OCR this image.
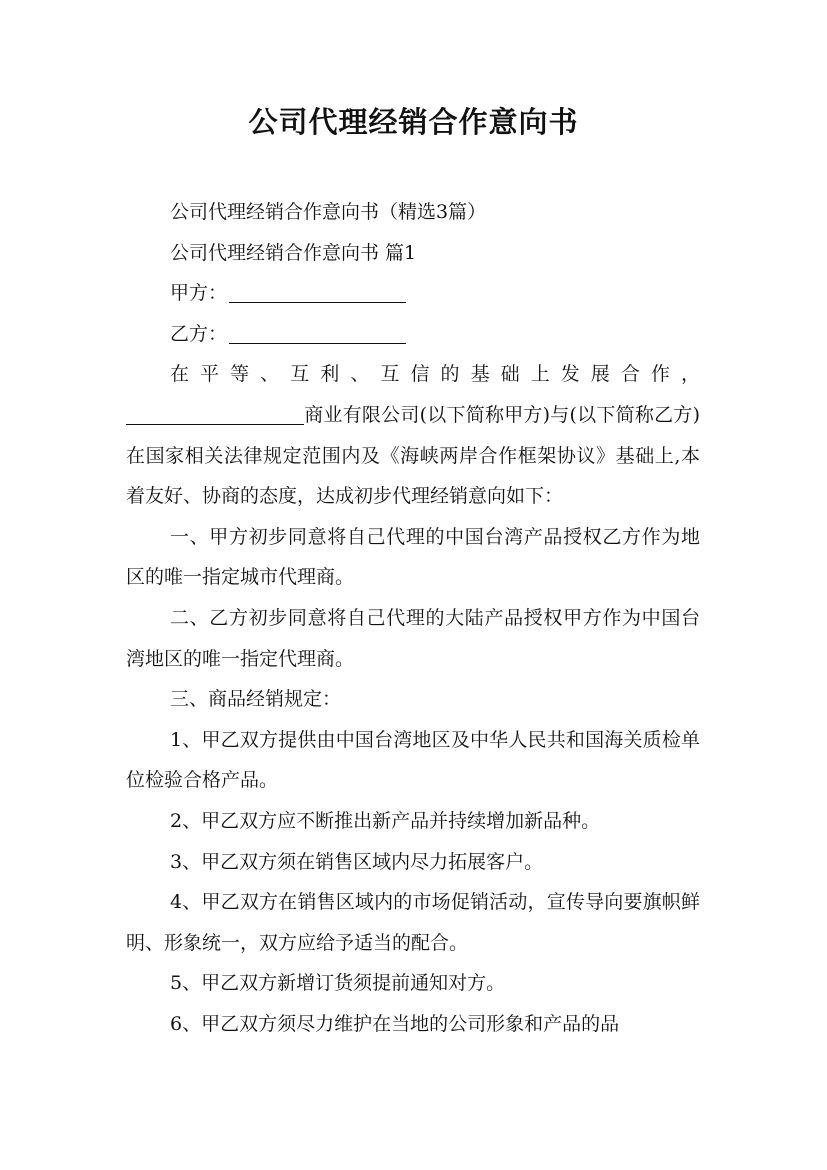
公司代理经销合作意向书

公司代理经销合作意向书（精选3篇）

公司代理经销合作意向书 篇1

甲方：

乙方：

在 平 等 、 互 利 、 互 信 的 基 础 上 发 展 合 作 ，

商业有限公司(以下简称甲方)与(以下简称乙方)在国家相关法律规定范围内及《海峡两岸合作框架协议》基础上,本着友好、协商的态度，达成初步代理经销意向如下：

一、甲方初步同意将自己代理的中国台湾产品授权乙方作为地区的唯一指定城市代理商。

二、乙方初步同意将自己代理的大陆产品授权甲方作为中国台湾地区的唯一指定代理商。

三、商品经销规定：

1、甲乙双方提供由中国台湾地区及中华人民共和国海关质检单位检验合格产品。

2、甲乙双方应不断推出新产品并持续增加新品种。

3、甲乙双方须在销售区域内尽力拓展客户。

4、甲乙双方在销售区域内的市场促销活动，宣传导向要旗帜鲜明、形象统一，双方应给予适当的配合。

5、甲乙双方新增订货须提前通知对方。

6、甲乙双方须尽力维护在当地的公司形象和产品的品
